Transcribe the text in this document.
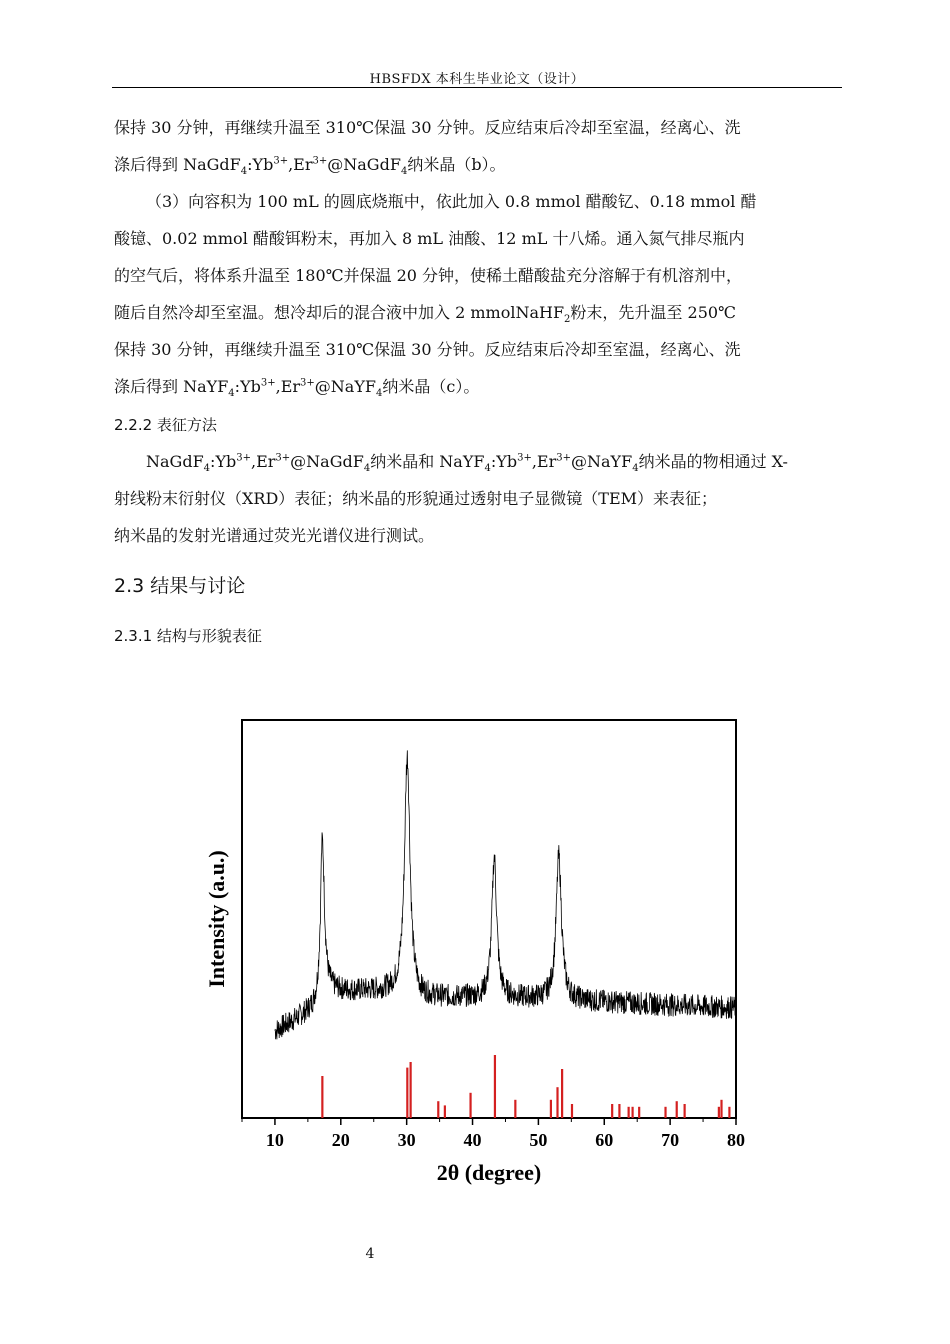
HBSFDX 本科生毕业论文（设计）

保持 30 分钟，再继续升温至 310℃保温 30 分钟。反应结束后冷却至室温，经离心、洗

涤后得到 $NaGdF_4:Yb^{3+},Er^{3+}@NaGdF_4$纳米晶（b）。

（3）向容积为 100 mL 的圆底烧瓶中，依此加入 0.8 mmol 醋酸钇、0.18 mmol 醋

酸镱、0.02 mmol 醋酸铒粉末，再加入 8 mL 油酸、12 mL 十八烯。通入氮气排尽瓶内

的空气后，将体系升温至 180℃并保温 20 分钟，使稀土醋酸盐充分溶解于有机溶剂中，

随后自然冷却至室温。想冷却后的混合液中加入 2 mmolNaHF$_2$粉末，先升温至 250℃

保持 30 分钟，再继续升温至 310℃保温 30 分钟。反应结束后冷却至室温，经离心、洗

涤后得到 $NaYF_4:Yb^{3+},Er^{3+}@NaYF_4$纳米晶（c）。

2.2.2 表征方法

$NaGdF_4:Yb^{3+},Er^{3+}@NaGdF_4$纳米晶和 $NaYF_4:Yb^{3+},Er^{3+}@NaYF_4$纳米晶的物相通过 X-

射线粉末衍射仪（XRD）表征；纳米晶的形貌通过透射电子显微镜（TEM）来表征；

纳米晶的发射光谱通过荧光光谱仪进行测试。

2.3 结果与讨论
2.3.1 结构与形貌表征
10	20	30	40	50	60	70	80
2θ (degree)
Intensity (a.u.)
4
